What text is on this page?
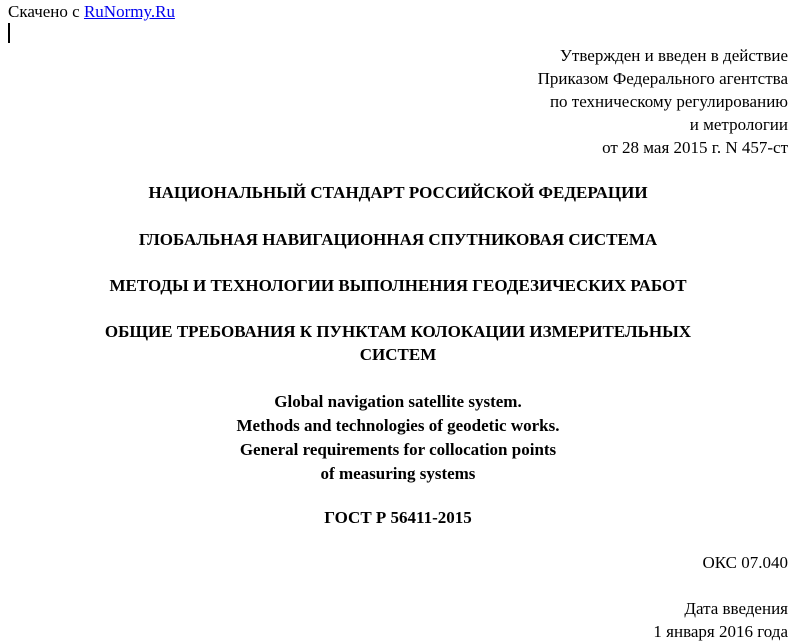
Скачено с RuNormy.Ru
Утвержден и введен в действие
Приказом Федерального агентства
по техническому регулированию
и метрологии
от 28 мая 2015 г. N 457-ст
НАЦИОНАЛЬНЫЙ СТАНДАРТ РОССИЙСКОЙ ФЕДЕРАЦИИ
ГЛОБАЛЬНАЯ НАВИГАЦИОННАЯ СПУТНИКОВАЯ СИСТЕМА
МЕТОДЫ И ТЕХНОЛОГИИ ВЫПОЛНЕНИЯ ГЕОДЕЗИЧЕСКИХ РАБОТ
ОБЩИЕ ТРЕБОВАНИЯ К ПУНКТАМ КОЛОКАЦИИ ИЗМЕРИТЕЛЬНЫХ
СИСТЕМ
Global navigation satellite system.
Methods and technologies of geodetic works.
General requirements for collocation points
of measuring systems
ГОСТ Р 56411-2015
ОКС 07.040
Дата введения
1 января 2016 года
